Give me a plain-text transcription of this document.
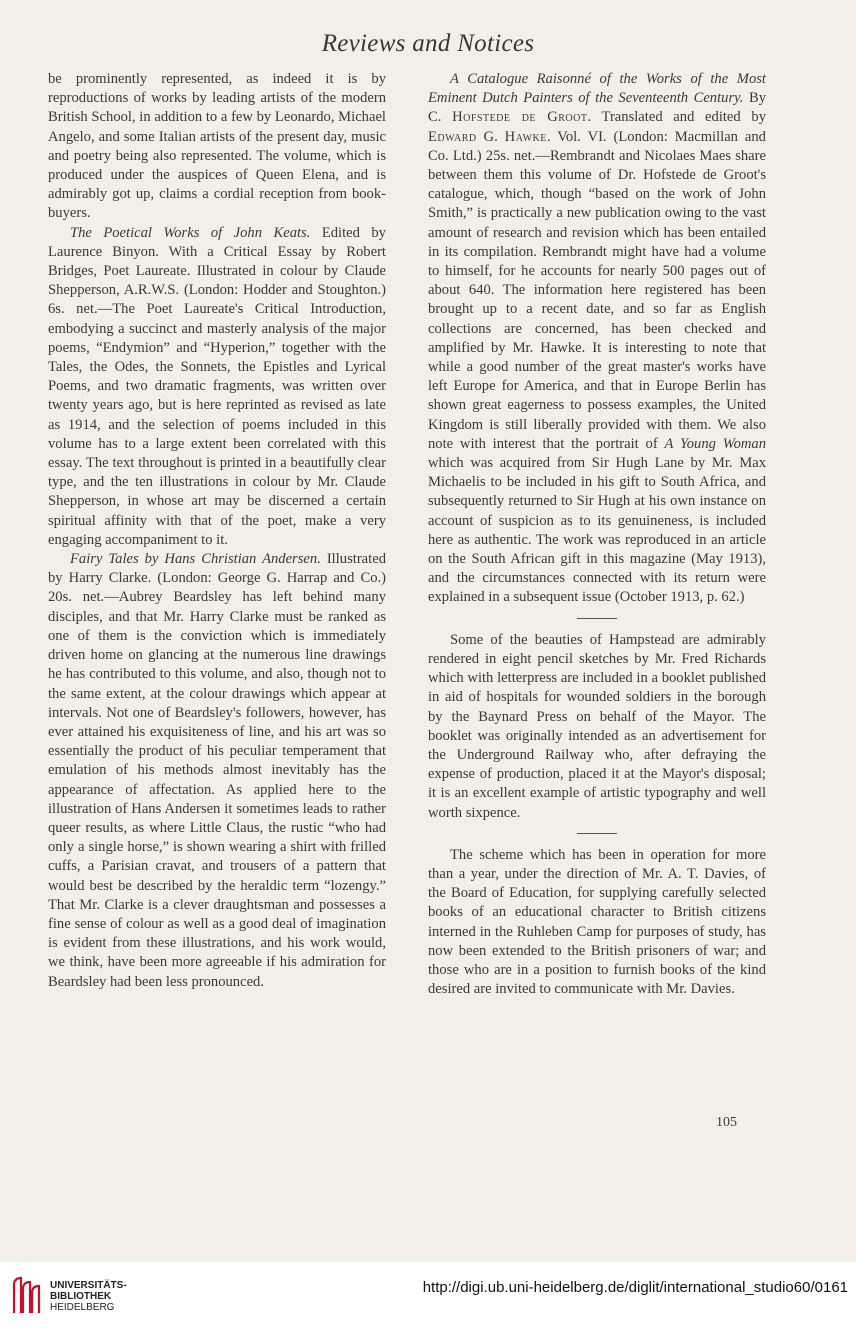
Reviews and Notices

be prominently represented, as indeed it is by reproductions of works by leading artists of the modern British School, in addition to a few by Leonardo, Michael Angelo, and some Italian artists of the present day, music and poetry being also represented. The volume, which is produced under the auspices of Queen Elena, and is admirably got up, claims a cordial reception from book-buyers.

The Poetical Works of John Keats. Edited by Laurence Binyon. With a Critical Essay by Robert Bridges, Poet Laureate. Illustrated in colour by Claude Shepperson, A.R.W.S. (London: Hodder and Stoughton.) 6s. net.—The Poet Laureate's Critical Introduction, embodying a succinct and masterly analysis of the major poems, “Endymion” and “Hyperion,” together with the Tales, the Odes, the Sonnets, the Epistles and Lyrical Poems, and two dramatic fragments, was written over twenty years ago, but is here reprinted as revised as late as 1914, and the selection of poems included in this volume has to a large extent been correlated with this essay. The text throughout is printed in a beautifully clear type, and the ten illustrations in colour by Mr. Claude Shepperson, in whose art may be discerned a certain spiritual affinity with that of the poet, make a very engaging accompaniment to it.

Fairy Tales by Hans Christian Andersen. Illustrated by Harry Clarke. (London: George G. Harrap and Co.) 20s. net.—Aubrey Beardsley has left behind many disciples, and that Mr. Harry Clarke must be ranked as one of them is the conviction which is immediately driven home on glancing at the numerous line drawings he has contributed to this volume, and also, though not to the same extent, at the colour drawings which appear at intervals. Not one of Beardsley's followers, however, has ever attained his exquisiteness of line, and his art was so essentially the product of his peculiar temperament that emulation of his methods almost inevitably has the appearance of affectation. As applied here to the illustration of Hans Andersen it sometimes leads to rather queer results, as where Little Claus, the rustic “who had only a single horse,” is shown wearing a shirt with frilled cuffs, a Parisian cravat, and trousers of a pattern that would best be described by the heraldic term “lozengy.” That Mr. Clarke is a clever draughtsman and possesses a fine sense of colour as well as a good deal of imagination is evident from these illustrations, and his work would, we think, have been more agreeable if his admiration for Beardsley had been less pronounced.

A Catalogue Raisonné of the Works of the Most Eminent Dutch Painters of the Seventeenth Century. By C. Hofstede de Groot. Translated and edited by Edward G. Hawke. Vol. VI. (London: Macmillan and Co. Ltd.) 25s. net.—Rembrandt and Nicolaes Maes share between them this volume of Dr. Hofstede de Groot's catalogue, which, though “based on the work of John Smith,” is practically a new publication owing to the vast amount of research and revision which has been entailed in its compilation. Rembrandt might have had a volume to himself, for he accounts for nearly 500 pages out of about 640. The information here registered has been brought up to a recent date, and so far as English collections are concerned, has been checked and amplified by Mr. Hawke. It is interesting to note that while a good number of the great master's works have left Europe for America, and that in Europe Berlin has shown great eagerness to possess examples, the United Kingdom is still liberally provided with them. We also note with interest that the portrait of A Young Woman which was acquired from Sir Hugh Lane by Mr. Max Michaelis to be included in his gift to South Africa, and subsequently returned to Sir Hugh at his own instance on account of suspicion as to its genuineness, is included here as authentic. The work was reproduced in an article on the South African gift in this magazine (May 1913), and the circumstances connected with its return were explained in a subsequent issue (October 1913, p. 62.)

Some of the beauties of Hampstead are admirably rendered in eight pencil sketches by Mr. Fred Richards which with letterpress are included in a booklet published in aid of hospitals for wounded soldiers in the borough by the Baynard Press on behalf of the Mayor. The booklet was originally intended as an advertisement for the Underground Railway who, after defraying the expense of production, placed it at the Mayor's disposal; it is an excellent example of artistic typography and well worth sixpence.

The scheme which has been in operation for more than a year, under the direction of Mr. A. T. Davies, of the Board of Education, for supplying carefully selected books of an educational character to British citizens interned in the Ruhleben Camp for purposes of study, has now been extended to the British prisoners of war; and those who are in a position to furnish books of the kind desired are invited to communicate with Mr. Davies.

105
UNIVERSITÄTS-
BIBLIOTHEK
HEIDELBERG
http://digi.ub.uni-heidelberg.de/diglit/international_studio60/0161
